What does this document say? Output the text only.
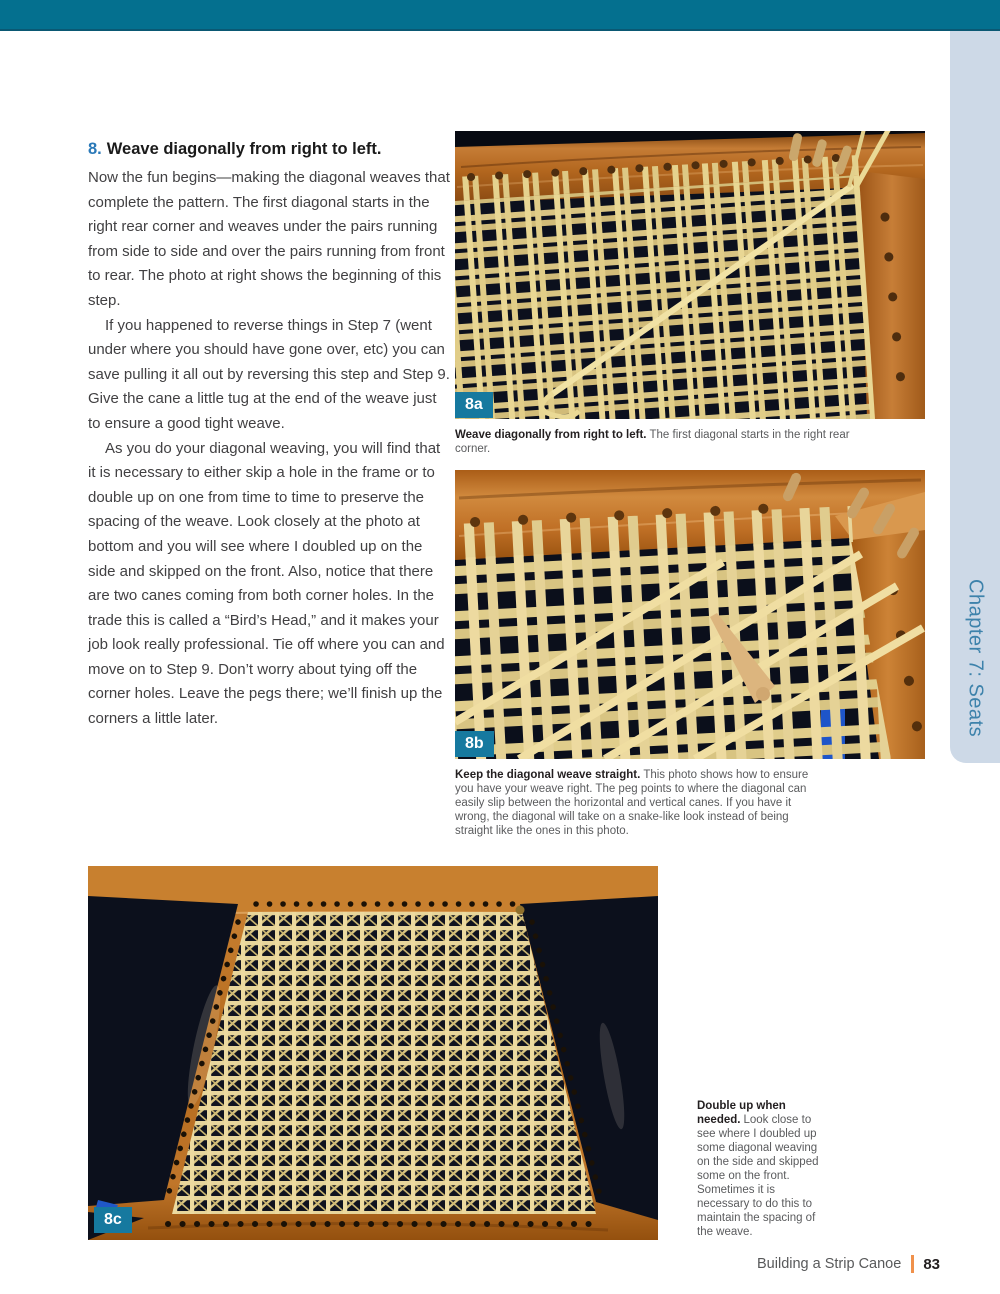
Chapter 7: Seats
8. Weave diagonally from right to left.

Now the fun begins—making the diagonal weaves that complete the pattern. The first diagonal starts in the right rear corner and weaves under the pairs running from side to side and over the pairs running from front to rear. The photo at right shows the beginning of this step.

If you happened to reverse things in Step 7 (went under where you should have gone over, etc) you can save pulling it all out by reversing this step and Step 9. Give the cane a little tug at the end of the weave just to ensure a good tight weave.

As you do your diagonal weaving, you will find that it is necessary to either skip a hole in the frame or to double up on one from time to time to preserve the spacing of the weave. Look closely at the photo at bottom and you will see where I doubled up on the side and skipped on the front. Also, notice that there are two canes coming from both corner holes. In the trade this is called a “Bird’s Head,” and it makes your job look really professional. Tie off where you can and move on to Step 9. Don’t worry about tying off the corner holes. Leave the pegs there; we’ll finish up the corners a little later.

8a
Weave diagonally from right to left. The first diagonal starts in the right rear corner.
8b
Keep the diagonal weave straight. This photo shows how to ensure you have your weave right. The peg points to where the diagonal can easily slip between the horizontal and vertical canes. If you have it wrong, the diagonal will take on a snake-like look instead of being straight like the ones in this photo.
8c
Double up when needed. Look close to see where I doubled up some diagonal weaving on the side and skipped some on the front. Sometimes it is necessary to do this to maintain the spacing of the weave.
Building a Strip Canoe 83
